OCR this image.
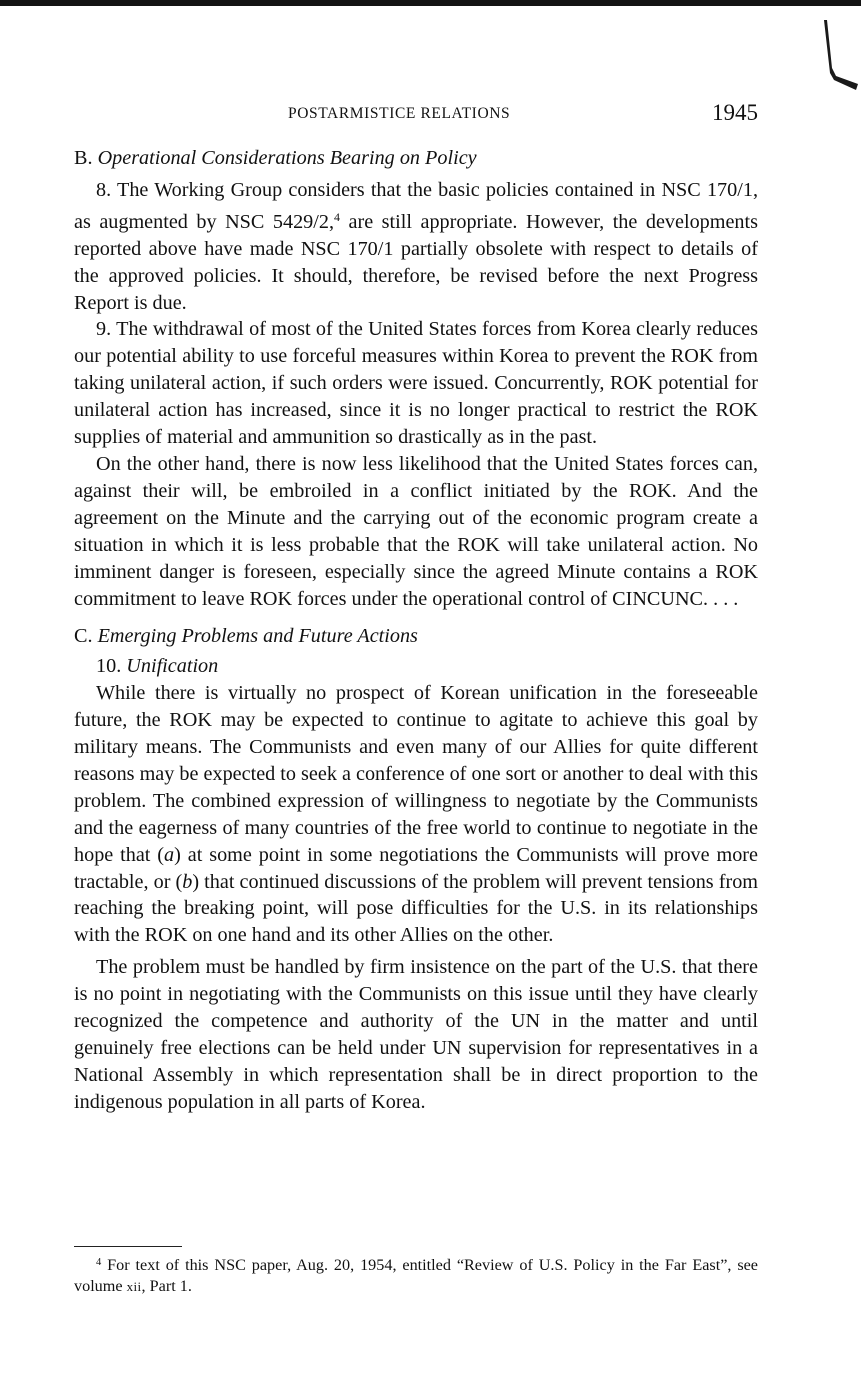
POSTARMISTICE RELATIONS	1945

B. Operational Considerations Bearing on Policy

8. The Working Group considers that the basic policies contained in NSC 170/1, as augmented by NSC 5429/2,$^4$ are still appropriate. However, the developments reported above have made NSC 170/1 partially obsolete with respect to details of the approved policies. It should, therefore, be revised before the next Progress Report is due.

9. The withdrawal of most of the United States forces from Korea clearly reduces our potential ability to use forceful measures within Korea to prevent the ROK from taking unilateral action, if such orders were issued. Concurrently, ROK potential for unilateral action has increased, since it is no longer practical to restrict the ROK supplies of material and ammunition so drastically as in the past.

On the other hand, there is now less likelihood that the United States forces can, against their will, be embroiled in a conflict initiated by the ROK. And the agreement on the Minute and the carrying out of the economic program create a situation in which it is less probable that the ROK will take unilateral action. No imminent danger is foreseen, especially since the agreed Minute contains a ROK commitment to leave ROK forces under the operational control of CINCUNC. . . .

C. Emerging Problems and Future Actions

10. Unification

While there is virtually no prospect of Korean unification in the foreseeable future, the ROK may be expected to continue to agitate to achieve this goal by military means. The Communists and even many of our Allies for quite different reasons may be expected to seek a conference of one sort or another to deal with this problem. The combined expression of willingness to negotiate by the Communists and the eagerness of many countries of the free world to continue to negotiate in the hope that (a) at some point in some negotiations the Communists will prove more tractable, or (b) that continued discussions of the problem will prevent tensions from reaching the breaking point, will pose difficulties for the U.S. in its relationships with the ROK on one hand and its other Allies on the other.

The problem must be handled by firm insistence on the part of the U.S. that there is no point in negotiating with the Communists on this issue until they have clearly recognized the competence and authority of the UN in the matter and until genuinely free elections can be held under UN supervision for representatives in a National Assembly in which representation shall be in direct proportion to the indigenous population in all parts of Korea.

$^4$ For text of this NSC paper, Aug. 20, 1954, entitled “Review of U.S. Policy in the Far East”, see volume xii, Part 1.
